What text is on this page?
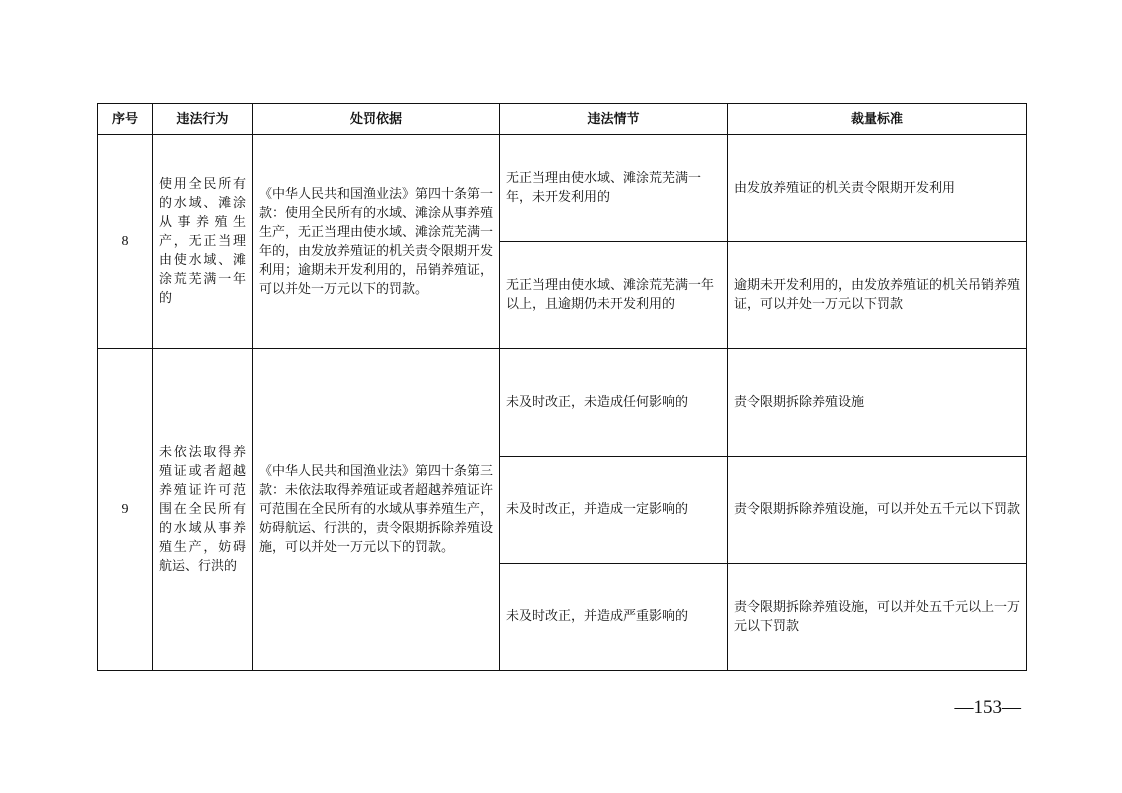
序号	违法行为	处罚依据	违法情节	裁量标准
8	使用全民所有的水域、滩涂从事养殖生产，无正当理由使水域、滩涂荒芜满一年的	《中华人民共和国渔业法》第四十条第一款：使用全民所有的水域、滩涂从事养殖生产，无正当理由使水域、滩涂荒芜满一年的，由发放养殖证的机关责令限期开发利用；逾期未开发利用的，吊销养殖证，可以并处一万元以下的罚款。	无正当理由使水域、滩涂荒芜满一年，未开发利用的	由发放养殖证的机关责令限期开发利用
			无正当理由使水域、滩涂荒芜满一年以上，且逾期仍未开发利用的	逾期未开发利用的，由发放养殖证的机关吊销养殖证，可以并处一万元以下罚款
9	未依法取得养殖证或者超越养殖证许可范围在全民所有的水域从事养殖生产，妨碍航运、行洪的	《中华人民共和国渔业法》第四十条第三款：未依法取得养殖证或者超越养殖证许可范围在全民所有的水域从事养殖生产，妨碍航运、行洪的，责令限期拆除养殖设施，可以并处一万元以下的罚款。	未及时改正，未造成任何影响的	责令限期拆除养殖设施
			未及时改正，并造成一定影响的	责令限期拆除养殖设施，可以并处五千元以下罚款
			未及时改正，并造成严重影响的	责令限期拆除养殖设施，可以并处五千元以上一万元以下罚款
—153—
